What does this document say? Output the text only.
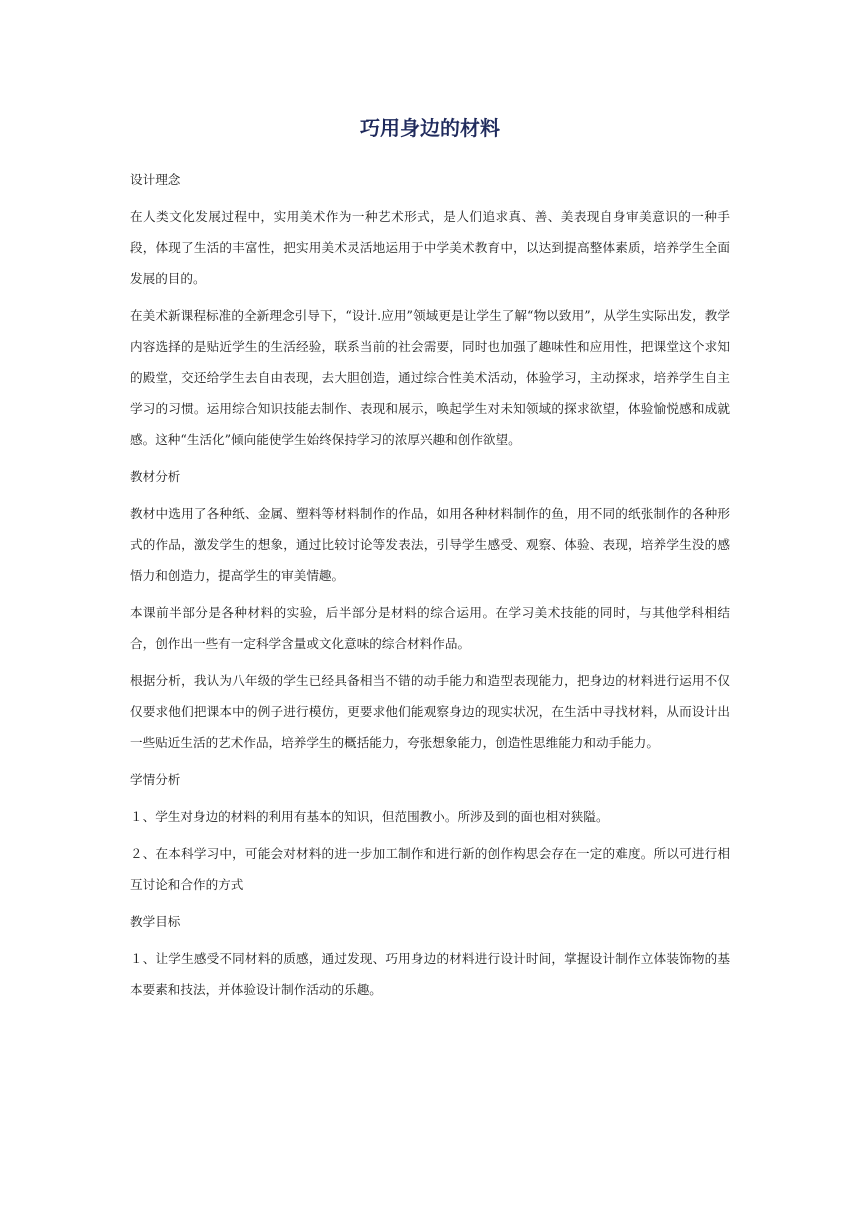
巧用身边的材料

设计理念

在人类文化发展过程中，实用美术作为一种艺术形式，是人们追求真、善、美表现自身审美意识的一种手段，体现了生活的丰富性，把实用美术灵活地运用于中学美术教育中，以达到提高整体素质，培养学生全面发展的目的。

在美术新课程标准的全新理念引导下，“设计.应用”领域更是让学生了解“物以致用”，从学生实际出发，教学内容选择的是贴近学生的生活经验，联系当前的社会需要，同时也加强了趣味性和应用性，把课堂这个求知的殿堂，交还给学生去自由表现，去大胆创造，通过综合性美术活动，体验学习，主动探求，培养学生自主学习的习惯。运用综合知识技能去制作、表现和展示，唤起学生对未知领域的探求欲望，体验愉悦感和成就感。这种“生活化”倾向能使学生始终保持学习的浓厚兴趣和创作欲望。

教材分析

教材中选用了各种纸、金属、塑料等材料制作的作品，如用各种材料制作的鱼，用不同的纸张制作的各种形式的作品，激发学生的想象，通过比较讨论等发表法，引导学生感受、观察、体验、表现，培养学生没的感悟力和创造力，提高学生的审美情趣。

本课前半部分是各种材料的实验，后半部分是材料的综合运用。在学习美术技能的同时，与其他学科相结合，创作出一些有一定科学含量或文化意味的综合材料作品。

根据分析，我认为八年级的学生已经具备相当不错的动手能力和造型表现能力，把身边的材料进行运用不仅仅要求他们把课本中的例子进行模仿，更要求他们能观察身边的现实状况，在生活中寻找材料，从而设计出一些贴近生活的艺术作品，培养学生的概括能力，夸张想象能力，创造性思维能力和动手能力。

学情分析

１、学生对身边的材料的利用有基本的知识，但范围教小。所涉及到的面也相对狭隘。

２、在本科学习中，可能会对材料的进一步加工制作和进行新的创作构思会存在一定的难度。所以可进行相互讨论和合作的方式

教学目标

１、让学生感受不同材料的质感，通过发现、巧用身边的材料进行设计时间，掌握设计制作立体装饰物的基本要素和技法，并体验设计制作活动的乐趣。
